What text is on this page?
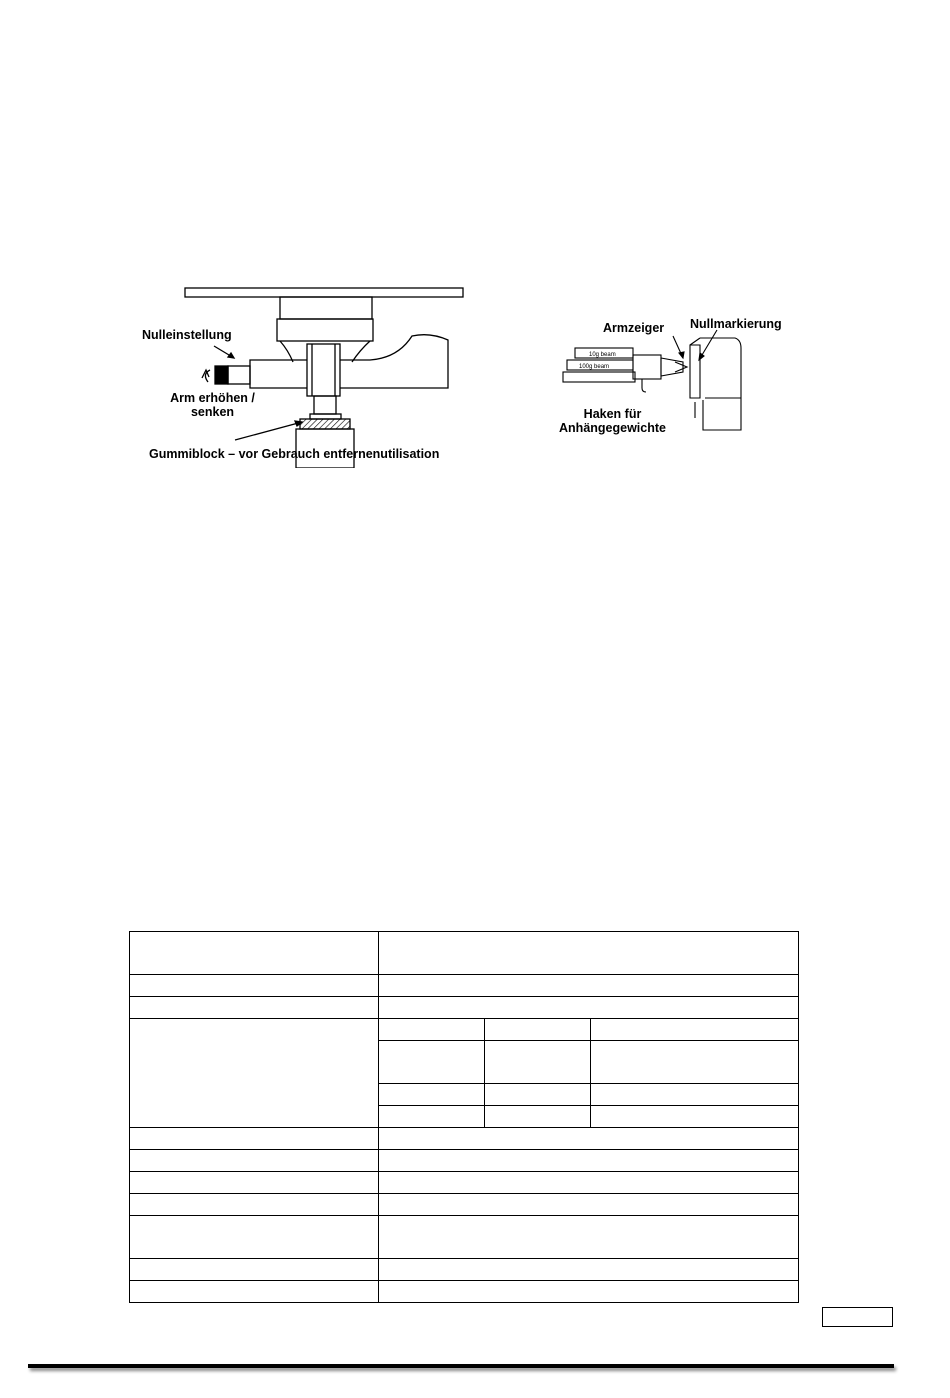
Nulleinstellung
Arm erhöhen /
senken
Gummiblock – vor Gebrauch entfernenutilisation
10g beam
100g beam
Armzeiger Nullmarkierung
Haken für
Anhängegewichte
